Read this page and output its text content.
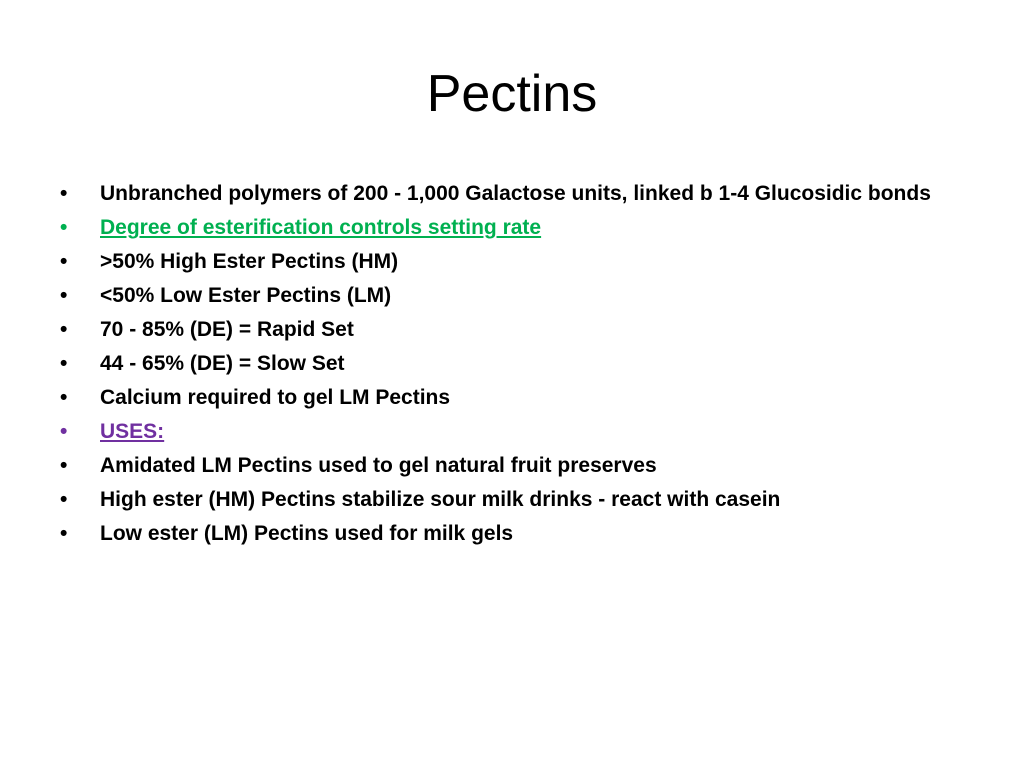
Pectins
•	Unbranched polymers of 200 - 1,000 Galactose units, linked b 1-4 Glucosidic bonds
•	Degree of esterification controls setting rate
•	>50% High Ester Pectins (HM)
•	<50% Low Ester Pectins (LM)
•	70 - 85% (DE) = Rapid Set
•	44 - 65% (DE) = Slow Set
•	Calcium required to gel LM Pectins
•	USES:
•	Amidated LM Pectins used to gel natural fruit preserves
•	High ester (HM) Pectins stabilize sour milk drinks - react with casein
•	Low ester (LM) Pectins used for milk gels
